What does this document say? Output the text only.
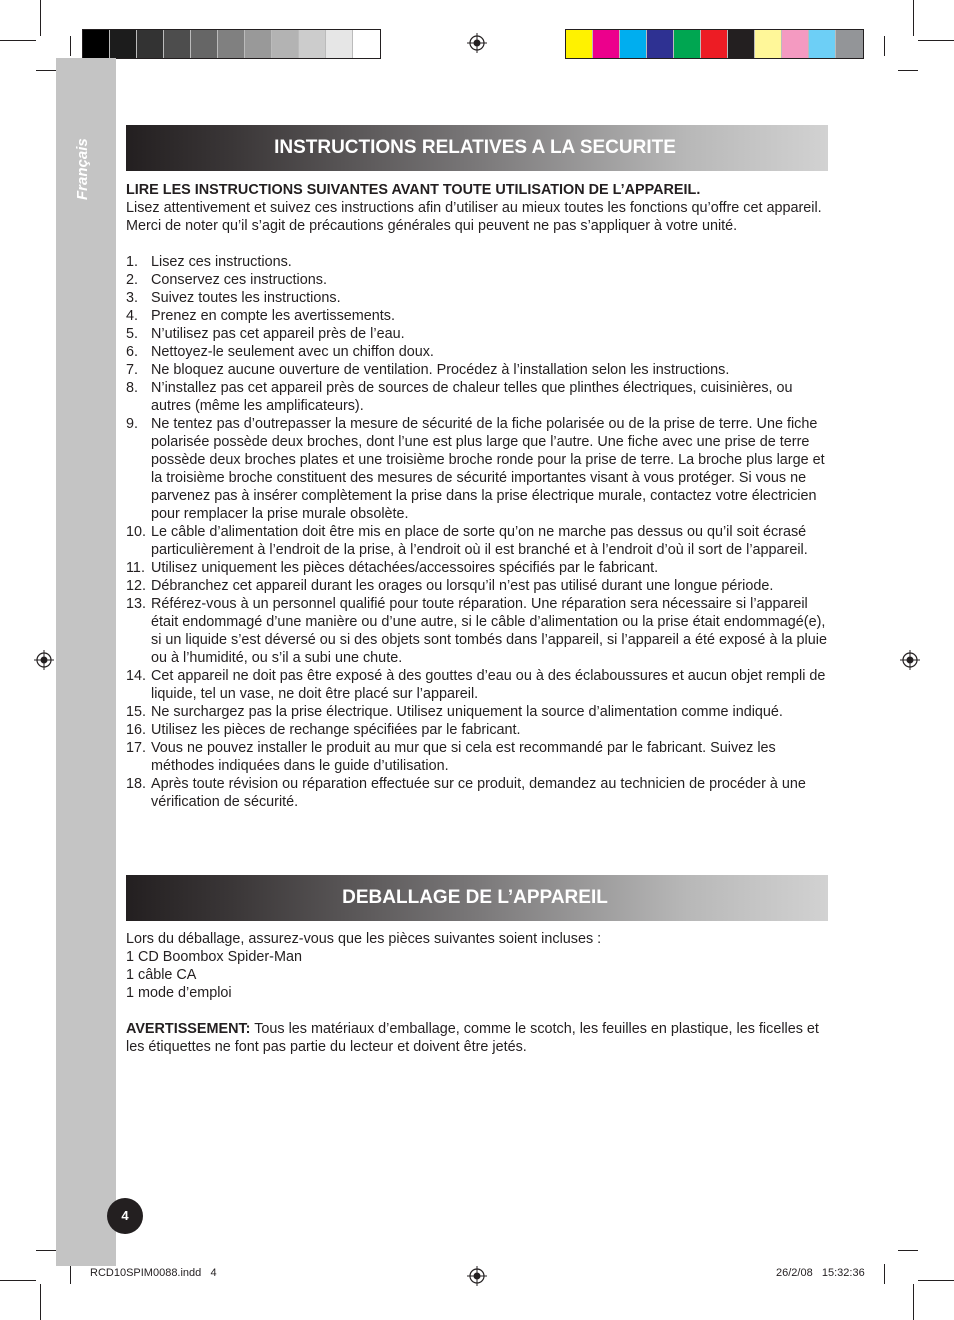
Français	INSTRUCTIONS RELATIVES A LA SECURITE

LIRE LES INSTRUCTIONS SUIVANTES AVANT TOUTE UTILISATION DE L’APPAREIL.

Lisez attentivement et suivez ces instructions afin d’utiliser au mieux toutes les fonctions qu’offre cet appareil. Merci de noter qu’il s’agit de précautions générales qui peuvent ne pas s’appliquer à votre unité.

1. Lisez ces instructions.
2. Conservez ces instructions.
3. Suivez toutes les instructions.
4. Prenez en compte les avertissements.
5. N’utilisez pas cet appareil près de l’eau.
6. Nettoyez-le seulement avec un chiffon doux.
7. Ne bloquez aucune ouverture de ventilation. Procédez à l’installation selon les instructions.
8. N’installez pas cet appareil près de sources de chaleur telles que plinthes électriques, cuisinières, ou autres (même les amplificateurs).
9. Ne tentez pas d’outrepasser la mesure de sécurité de la fiche polarisée ou de la prise de terre. Une fiche polarisée possède deux broches, dont l’une est plus large que l’autre. Une fiche avec une prise de terre possède deux broches plates et une troisième broche ronde pour la prise de terre. La broche plus large et la troisième broche constituent des mesures de sécurité importantes visant à vous protéger. Si vous ne parvenez pas à insérer complètement la prise dans la prise électrique murale, contactez votre électricien pour remplacer la prise murale obsolète.
10. Le câble d’alimentation doit être mis en place de sorte qu’on ne marche pas dessus ou qu’il soit écrasé particulièrement à l’endroit de la prise, à l’endroit où il est branché et à l’endroit d’où il sort de l’appareil.
11. Utilisez uniquement les pièces détachées/accessoires spécifiés par le fabricant.
12. Débranchez cet appareil durant les orages ou lorsqu’il n’est pas utilisé durant une longue période.
13. Référez-vous à un personnel qualifié pour toute réparation. Une réparation sera nécessaire si l’appareil était endommagé d’une manière ou d’une autre, si le câble d’alimentation ou la prise était endommagé(e), si un liquide s’est déversé ou si des objets sont tombés dans l’appareil, si l’appareil a été exposé à la pluie ou à l’humidité, ou s’il a subi une chute.
14. Cet appareil ne doit pas être exposé à des gouttes d’eau ou à des éclaboussures et aucun objet rempli de liquide, tel un vase, ne doit être placé sur l’appareil.
15. Ne surchargez pas la prise électrique. Utilisez uniquement la source d’alimentation comme indiqué.
16. Utilisez les pièces de rechange spécifiées par le fabricant.
17. Vous ne pouvez installer le produit au mur que si cela est recommandé par le fabricant. Suivez les méthodes indiquées dans le guide d’utilisation.
18. Après toute révision ou réparation effectuée sur ce produit, demandez au technicien de procéder à une vérification de sécurité.
DEBALLAGE DE L’APPAREIL

Lors du déballage, assurez-vous que les pièces suivantes soient incluses :

1 CD Boombox Spider-Man
1 câble CA
1 mode d’emploi

AVERTISSEMENT: Tous les matériaux d’emballage, comme le scotch, les feuilles en plastique, les ficelles et les étiquettes ne font pas partie du lecteur et doivent être jetés.

4
RCD10SPIM0088.indd   4	26/2/08   15:32:36
